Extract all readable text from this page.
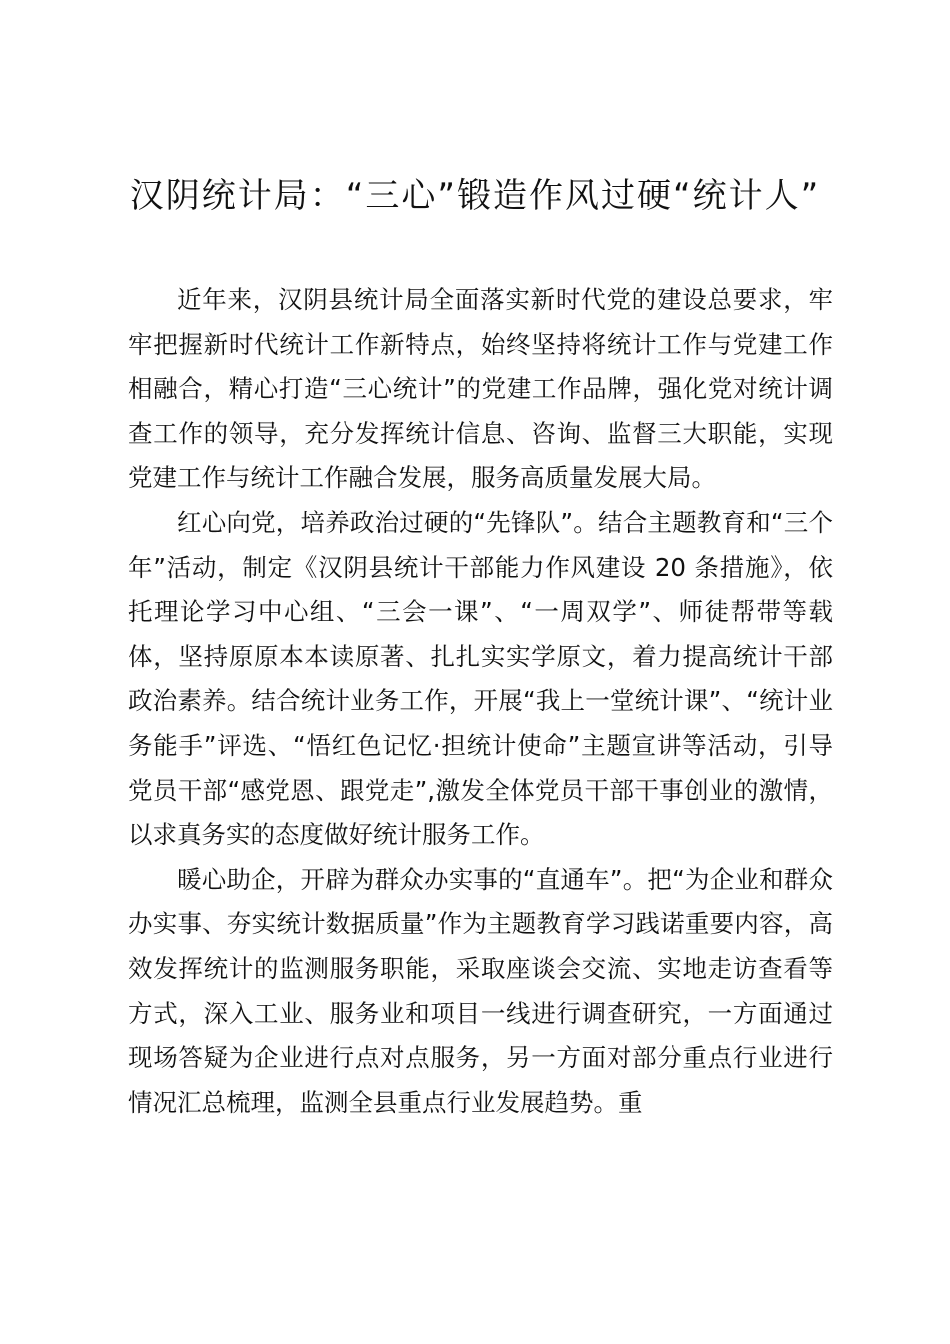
汉阴统计局：“三心”锻造作风过硬“统计人”

近年来，汉阴县统计局全面落实新时代党的建设总要求，牢牢把握新时代统计工作新特点，始终坚持将统计工作与党建工作相融合，精心打造“三心统计”的党建工作品牌，强化党对统计调查工作的领导，充分发挥统计信息、咨询、监督三大职能，实现党建工作与统计工作融合发展，服务高质量发展大局。

红心向党，培养政治过硬的“先锋队”。结合主题教育和“三个年”活动，制定《汉阴县统计干部能力作风建设 20 条措施》，依托理论学习中心组、“三会一课”、“一周双学”、师徒帮带等载体，坚持原原本本读原著、扎扎实实学原文，着力提高统计干部政治素养。结合统计业务工作，开展“我上一堂统计课”、“统计业务能手”评选、“悟红色记忆·担统计使命”主题宣讲等活动，引导党员干部“感党恩、跟党走”,激发全体党员干部干事创业的激情，以求真务实的态度做好统计服务工作。

暖心助企，开辟为群众办实事的“直通车”。把“为企业和群众办实事、夯实统计数据质量”作为主题教育学习践诺重要内容，高效发挥统计的监测服务职能，采取座谈会交流、实地走访查看等方式，深入工业、服务业和项目一线进行调查研究，一方面通过现场答疑为企业进行点对点服务，另一方面对部分重点行业进行情况汇总梳理，监测全县重点行业发展趋势。重
